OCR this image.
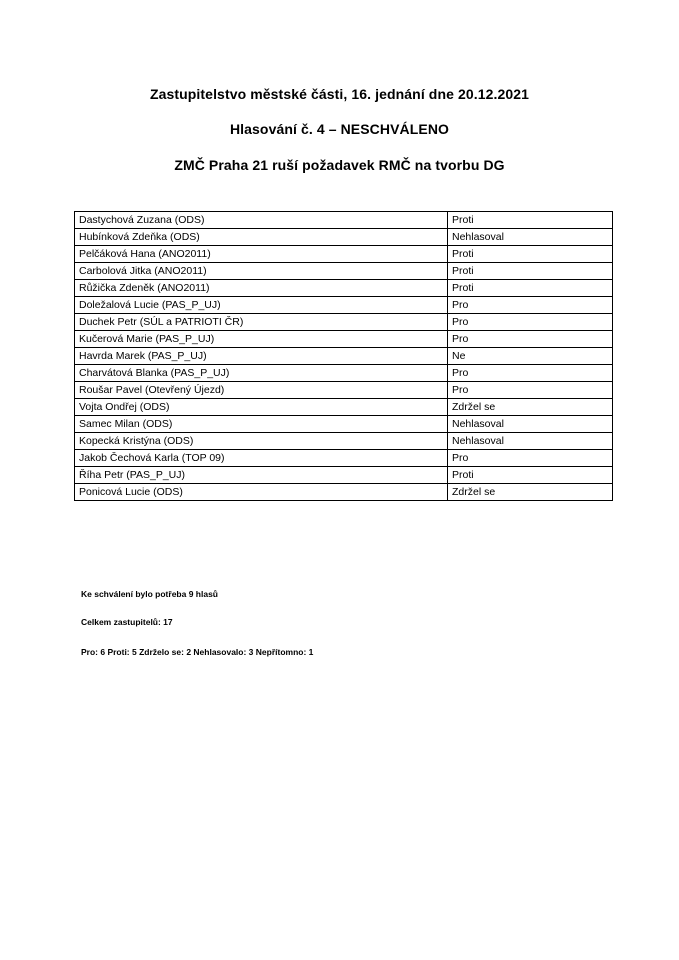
Zastupitelstvo městské části, 16. jednání dne 20.12.2021
Hlasování č. 4 – NESCHVÁLENO
ZMČ Praha 21 ruší požadavek RMČ na tvorbu DG
Dastychová Zuzana (ODS)	Proti
Hubínková Zdeňka (ODS)	Nehlasoval
Pelčáková Hana (ANO2011)	Proti
Carbolová Jitka (ANO2011)	Proti
Růžička Zdeněk (ANO2011)	Proti
Doležalová Lucie (PAS_P_UJ)	Pro
Duchek Petr (SÚL a PATRIOTI ČR)	Pro
Kučerová Marie (PAS_P_UJ)	Pro
Havrda Marek (PAS_P_UJ)	Ne
Charvátová Blanka (PAS_P_UJ)	Pro
Roušar Pavel (Otevřený Újezd)	Pro
Vojta Ondřej (ODS)	Zdržel se
Samec Milan (ODS)	Nehlasoval
Kopecká Kristýna (ODS)	Nehlasoval
Jakob Čechová Karla (TOP 09)	Pro
Říha Petr (PAS_P_UJ)	Proti
Ponicová Lucie (ODS)	Zdržel se
Ke schválení bylo potřeba 9 hlasů
Celkem zastupitelů: 17
Pro: 6 Proti: 5 Zdrželo se: 2 Nehlasovalo: 3 Nepřítomno: 1
